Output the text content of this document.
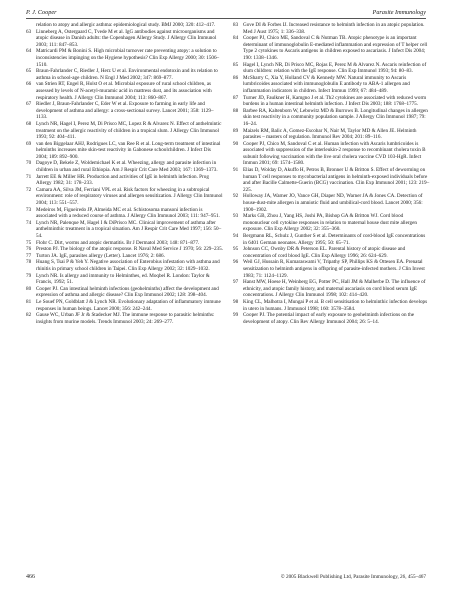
P. J. Cooper	Parasite Immunology

relation to atopy and allergic asthma: epidemiological study. BMJ 2000; 320: 412–417.

63 Linneberg A, Ostergaard C, Tvede M et al. IgG antibodies against microorganisms and atopic disease in Danish adults: the Copenhagen Allergy Study. J Allergy Clin Immunol 2003; 111: 847–853.

64 Matricardi PM & Bonini S. High microbial turnover rate preventing atopy: a solution to inconsistencies impinging on the Hygiene hypothesis? Clin Exp Allergy 2000; 30: 1506–1510.

65 Braun-Fahrlander C, Riedler J, Herz U et al. Environmental endotoxin and its relation to asthma in school-age children. N Engl J Med 2002; 347: 869–877.

66 van Strien RT, Engel R, Holst O et al. Microbial exposure of rural school children, as assessed by levels of N-acetyl-muramic acid in mattress dust, and its association with respiratory health. J Allergy Clin Immunol 2004; 113: 860–867.

67 Riedler J, Braun-Fahrlander C, Eder W et al. Exposure to farming in early life and development of asthma and allergy: a cross-sectional survey. Lancet 2001; 358: 1129–1133.

68 Lynch NR, Hagel I, Perez M, Di Prisco MC, Lopez R & Alvarez N. Effect of anthelmintic treatment on the allergic reactivity of children in a tropical slum. J Allergy Clin Immunol 1993; 92: 404–411.

69 van den Biggelaar AHJ, Rodrigues LC, van Ree R et al. Long-term treatment of intestinal helminths increases mite skin-test reactivity in Gabonese schoolchildren. J Infect Dis 2004; 189: 892–900.

70 Dagoye D, Bekele Z, Woldemichael K et al. Wheezing, allergy and parasite infection in children in urban and rural Ethiopia. Am J Respir Crit Care Med 2003; 167: 1369–1373.

71 Jarrett EE & Miller HR. Production and activities of IgE in helminth infection. Prog Allergy 1982; 31: 178–233.

72 Camara AA, Silva JM, Ferriani VPL et al. Risk factors for wheezing in a subtropical environment: role of respiratory viruses and allergen sensitization. J Allergy Clin Immunol 2004; 113: 551–557.

73 Medeiros M, Figueiredo JP, Almeida MC et al. Schistosoma mansoni infection is associated with a reduced course of asthma. J Allergy Clin Immunol 2003; 111: 947–951.

74 Lynch NR, Palenque M, Hagel I & DiPrisco MC. Clinical improvement of asthma after anthelminthic treatment in a tropical situation. Am J Respir Crit Care Med 1997; 156: 50–54.

75 Flohr C. Dirt, worms and atopic dermatitis. Br J Dermatol 2003; 148: 871–877.

76 Preston PJ. The biology of the atopic response. R Naval Med Service J 1970; 56: 229–235.

77 Turton JA. IgE, parasites allergy (Letter). Lancet 1976; 2: 686.

78 Huang S, Tsai P & Yeh Y. Negative association of Enterobius infestation with asthma and rhinitis in primary school children in Taipei. Clin Exp Allergy 2002; 32: 1029–1032.

79 Lynch NR. Is allergy and immunity to Helminthes, ed. Moqbel R. London: Taylor & Francis, 1992; 51.

80 Cooper PJ. Can intestinal helminth infections (geohelminths) affect the development and expression of asthma and allergic disease? Clin Exp Immunol 2002; 128: 398–404.

81 Le Souef PN, Goldblatt J & Lynch NR. Evolutionary adaptation of inflammatory immune responses in human beings. Lancet 2000; 356: 242–244.

82 Gause WC, Urban JF Jr & Stadecker MJ. The immune response to parasitic helminths: insights from murine models. Trends Immunol 2003; 24: 269–277.

83 Gove DI & Forbes IJ. Increased resistance to helminth infection in an atopic population. Med J Aust 1975; 1: 336–338.

84 Cooper PJ, Chico ME, Sandoval C & Nutman TB. Atopic phenotype is an important determinant of immunoglobulin E-mediated inflammation and expression of T helper cell Type 2 cytokines to Ascaris antigens in children exposed to ascariasis. J Infect Dis 2004; 190: 1338–1346.

85 Hagel I, Lynch NR, Di Prisco MC, Rojas E, Perez M & Alvarez N. Ascaris reinfection of slum children: relation with the IgE response. Clin Exp Immunol 1993; 94: 80–83.

86 McSharry C, Xia Y, Holland CV & Kennedy MW. Natural immunity to Ascaris lumbricoides associated with immunoglobulin E antibody to ABA-1 allergen and inflammation indicators in children. Infect Immun 1999; 67: 484–489.

87 Turner JD, Faulkner H, Kamgno J et al. Th2 cytokines are associated with reduced worm burdens in a human intestinal helminth infection. J Infect Dis 2003; 188: 1768–1775.

88 Barbee RA, Kaltenborn W, Lebowitz MD & Burrows B. Longitudinal changes in allergen skin test reactivity in a community population sample. J Allergy Clin Immunol 1987; 79: 16–24.

89 Maizels RM, Balic A, Gomez-Escobar N, Nair M, Taylor MD & Allen JE. Helminth parasites – masters of regulation. Immunol Rev 2004; 201: 89–116.

90 Cooper PJ, Chico M, Sandoval C et al. Human infection with Ascaris lumbricoides is associated with suppression of the interleukin-2 response to recombinant cholera toxin B subunit following vaccination with the live oral cholera vaccine CVD 103-HgR. Infect Immun 2001; 69: 1574–1580.

91 Elias D, Wolday D, Akuffo H, Petros B, Bronner U & Britton S. Effect of deworming on human T cell responses to mycobacterial antigens in helminth-exposed individuals before and after Bacille Calmette-Guerin (BCG) vaccination. Clin Exp Immunol 2001; 123: 219–225.

92 Holloway JA, Warner JO, Vance GH, Diaper ND, Warner JA & Jones CA. Detection of house-dust-mite allergen in amniotic fluid and umbilical-cord blood. Lancet 2000; 356: 1900–1902.

93 Marks GB, Zhou J, Yang HS, Joshi PA, Bishop GA & Britton WJ. Cord blood mononuclear cell cytokine responses in relation to maternal house dust mite allergen exposure. Clin Exp Allergy 2002; 32: 355–360.

94 Bergmann RL, Schulz J, Gunther S et al. Determinants of cord-blood IgE concentrations in 6401 German neonates. Allergy 1995; 50: 65–71.

95 Johnson CC, Ownby DR & Peterson EL. Parental history of atopic disease and concentration of cord blood IgE. Clin Exp Allergy 1996; 26: 624–629.

96 Weil GJ, Hussain R, Kumaraswami V, Tripathy SP, Phillips KS & Ottesen EA. Prenatal sensitization to helminth antigens in offspring of parasite-infected mothers. J Clin Invest 1983; 71: 1124–1129.

97 Hanst MW, Hoese H, Weinberg EG, Potter PC, Hall JM & Malherbe D. The influence of ethnicity, and atopic family history, and maternal ascariasis on cord blood serum IgE concentrations. J Allergy Clin Immunol 1998; 102: 414–420.

98 King CL, Malhotra I, Mungai P et al. B cell sensitisation to helminthic infection develops in utero in humans. J Immunol 1998; 160: 3578–3584.

99 Cooper PJ. The potential impact of early exposure to geohelminth infections on the development of atopy. Clin Rev Allergy Immunol 2004; 26: 5–14.

466	© 2005 Blackwell Publishing Ltd, Parasite Immunology, 26, 455–467
